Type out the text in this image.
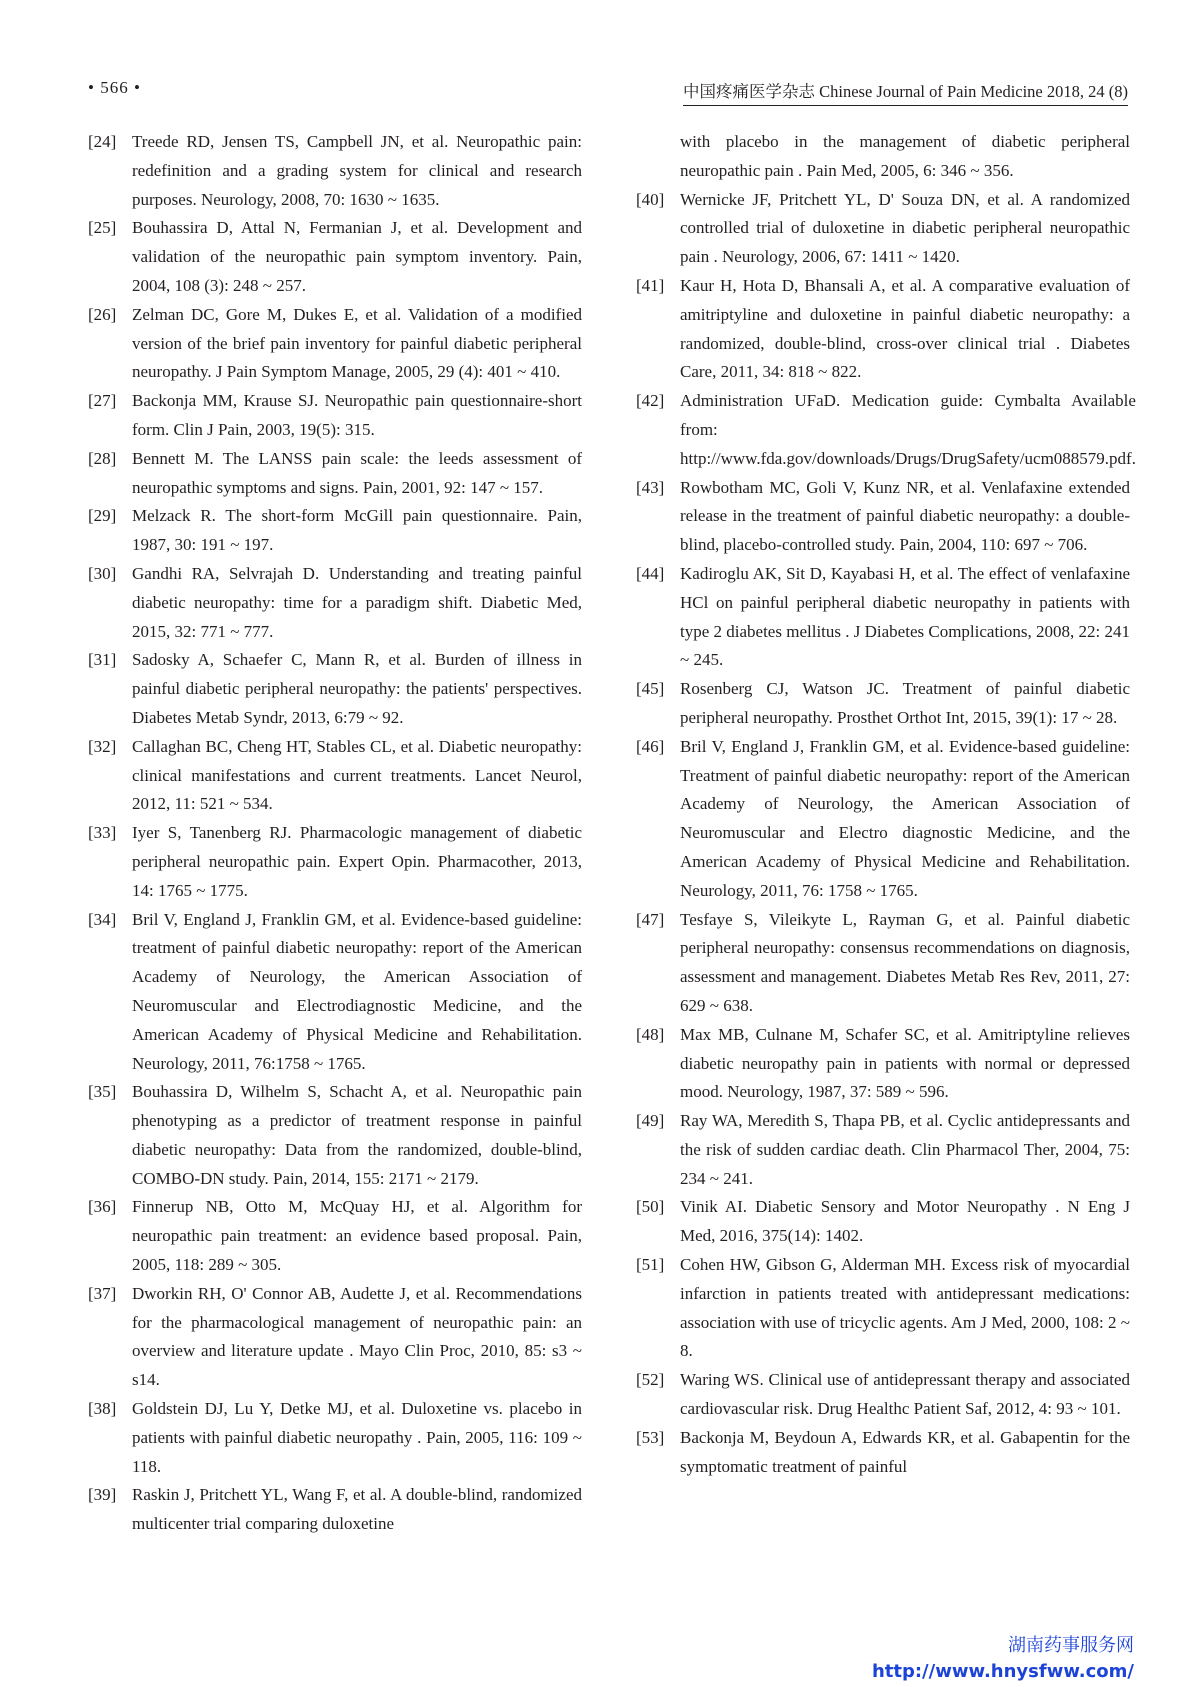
• 566 •	中国疼痛医学杂志 Chinese Journal of Pain Medicine 2018, 24 (8)
[24] Treede RD, Jensen TS, Campbell JN, et al. Neuropathic pain: redefinition and a grading system for clinical and research purposes. Neurology, 2008, 70: 1630 ~ 1635.
[25] Bouhassira D, Attal N, Fermanian J, et al. Development and validation of the neuropathic pain symptom inventory. Pain, 2004, 108 (3): 248 ~ 257.
[26] Zelman DC, Gore M, Dukes E, et al. Validation of a modified version of the brief pain inventory for painful diabetic peripheral neuropathy. J Pain Symptom Manage, 2005, 29 (4): 401 ~ 410.
[27] Backonja MM, Krause SJ. Neuropathic pain questionnaire-short form. Clin J Pain, 2003, 19(5): 315.
[28] Bennett M. The LANSS pain scale: the leeds assessment of neuropathic symptoms and signs. Pain, 2001, 92: 147 ~ 157.
[29] Melzack R. The short-form McGill pain questionnaire. Pain, 1987, 30: 191 ~ 197.
[30] Gandhi RA, Selvrajah D. Understanding and treating painful diabetic neuropathy: time for a paradigm shift. Diabetic Med, 2015, 32: 771 ~ 777.
[31] Sadosky A, Schaefer C, Mann R, et al. Burden of illness in painful diabetic peripheral neuropathy: the patients' perspectives. Diabetes Metab Syndr, 2013, 6:79 ~ 92.
[32] Callaghan BC, Cheng HT, Stables CL, et al. Diabetic neuropathy: clinical manifestations and current treatments. Lancet Neurol, 2012, 11: 521 ~ 534.
[33] Iyer S, Tanenberg RJ. Pharmacologic management of diabetic peripheral neuropathic pain. Expert Opin. Pharmacother, 2013, 14: 1765 ~ 1775.
[34] Bril V, England J, Franklin GM, et al. Evidence-based guideline: treatment of painful diabetic neuropathy: report of the American Academy of Neurology, the American Association of Neuromuscular and Electrodiagnostic Medicine, and the American Academy of Physical Medicine and Rehabilitation. Neurology, 2011, 76:1758 ~ 1765.
[35] Bouhassira D, Wilhelm S, Schacht A, et al. Neuropathic pain phenotyping as a predictor of treatment response in painful diabetic neuropathy: Data from the randomized, double-blind, COMBO-DN study. Pain, 2014, 155: 2171 ~ 2179.
[36] Finnerup NB, Otto M, McQuay HJ, et al. Algorithm for neuropathic pain treatment: an evidence based proposal. Pain, 2005, 118: 289 ~ 305.
[37] Dworkin RH, O' Connor AB, Audette J, et al. Recommendations for the pharmacological management of neuropathic pain: an overview and literature update . Mayo Clin Proc, 2010, 85: s3 ~ s14.
[38] Goldstein DJ, Lu Y, Detke MJ, et al. Duloxetine vs. placebo in patients with painful diabetic neuropathy . Pain, 2005, 116: 109 ~ 118.
[39] Raskin J, Pritchett YL, Wang F, et al. A double-blind, randomized multicenter trial comparing duloxetine
with placebo in the management of diabetic peripheral neuropathic pain . Pain Med, 2005, 6: 346 ~ 356.
[40] Wernicke JF, Pritchett YL, D' Souza DN, et al. A randomized controlled trial of duloxetine in diabetic peripheral neuropathic pain . Neurology, 2006, 67: 1411 ~ 1420.
[41] Kaur H, Hota D, Bhansali A, et al. A comparative evaluation of amitriptyline and duloxetine in painful diabetic neuropathy: a randomized, double-blind, cross-over clinical trial . Diabetes Care, 2011, 34: 818 ~ 822.
[42] Administration UFaD. Medication guide: Cymbalta Available from: http://www.fda.gov/downloads/Drugs/DrugSafety/ucm088579.pdf.
[43] Rowbotham MC, Goli V, Kunz NR, et al. Venlafaxine extended release in the treatment of painful diabetic neuropathy: a double-blind, placebo-controlled study. Pain, 2004, 110: 697 ~ 706.
[44] Kadiroglu AK, Sit D, Kayabasi H, et al. The effect of venlafaxine HCl on painful peripheral diabetic neuropathy in patients with type 2 diabetes mellitus . J Diabetes Complications, 2008, 22: 241 ~ 245.
[45] Rosenberg CJ, Watson JC. Treatment of painful diabetic peripheral neuropathy. Prosthet Orthot Int, 2015, 39(1): 17 ~ 28.
[46] Bril V, England J, Franklin GM, et al. Evidence-based guideline: Treatment of painful diabetic neuropathy: report of the American Academy of Neurology, the American Association of Neuromuscular and Electro diagnostic Medicine, and the American Academy of Physical Medicine and Rehabilitation. Neurology, 2011, 76: 1758 ~ 1765.
[47] Tesfaye S, Vileikyte L, Rayman G, et al. Painful diabetic peripheral neuropathy: consensus recommendations on diagnosis, assessment and management. Diabetes Metab Res Rev, 2011, 27: 629 ~ 638.
[48] Max MB, Culnane M, Schafer SC, et al. Amitriptyline relieves diabetic neuropathy pain in patients with normal or depressed mood. Neurology, 1987, 37: 589 ~ 596.
[49] Ray WA, Meredith S, Thapa PB, et al. Cyclic antidepressants and the risk of sudden cardiac death. Clin Pharmacol Ther, 2004, 75: 234 ~ 241.
[50] Vinik AI. Diabetic Sensory and Motor Neuropathy . N Eng J Med, 2016, 375(14): 1402.
[51] Cohen HW, Gibson G, Alderman MH. Excess risk of myocardial infarction in patients treated with antidepressant medications: association with use of tricyclic agents. Am J Med, 2000, 108: 2 ~ 8.
[52] Waring WS. Clinical use of antidepressant therapy and associated cardiovascular risk. Drug Healthc Patient Saf, 2012, 4: 93 ~ 101.
[53] Backonja M, Beydoun A, Edwards KR, et al. Gabapentin for the symptomatic treatment of painful
湖南药事服务网
http://www.hnysfww.com/
